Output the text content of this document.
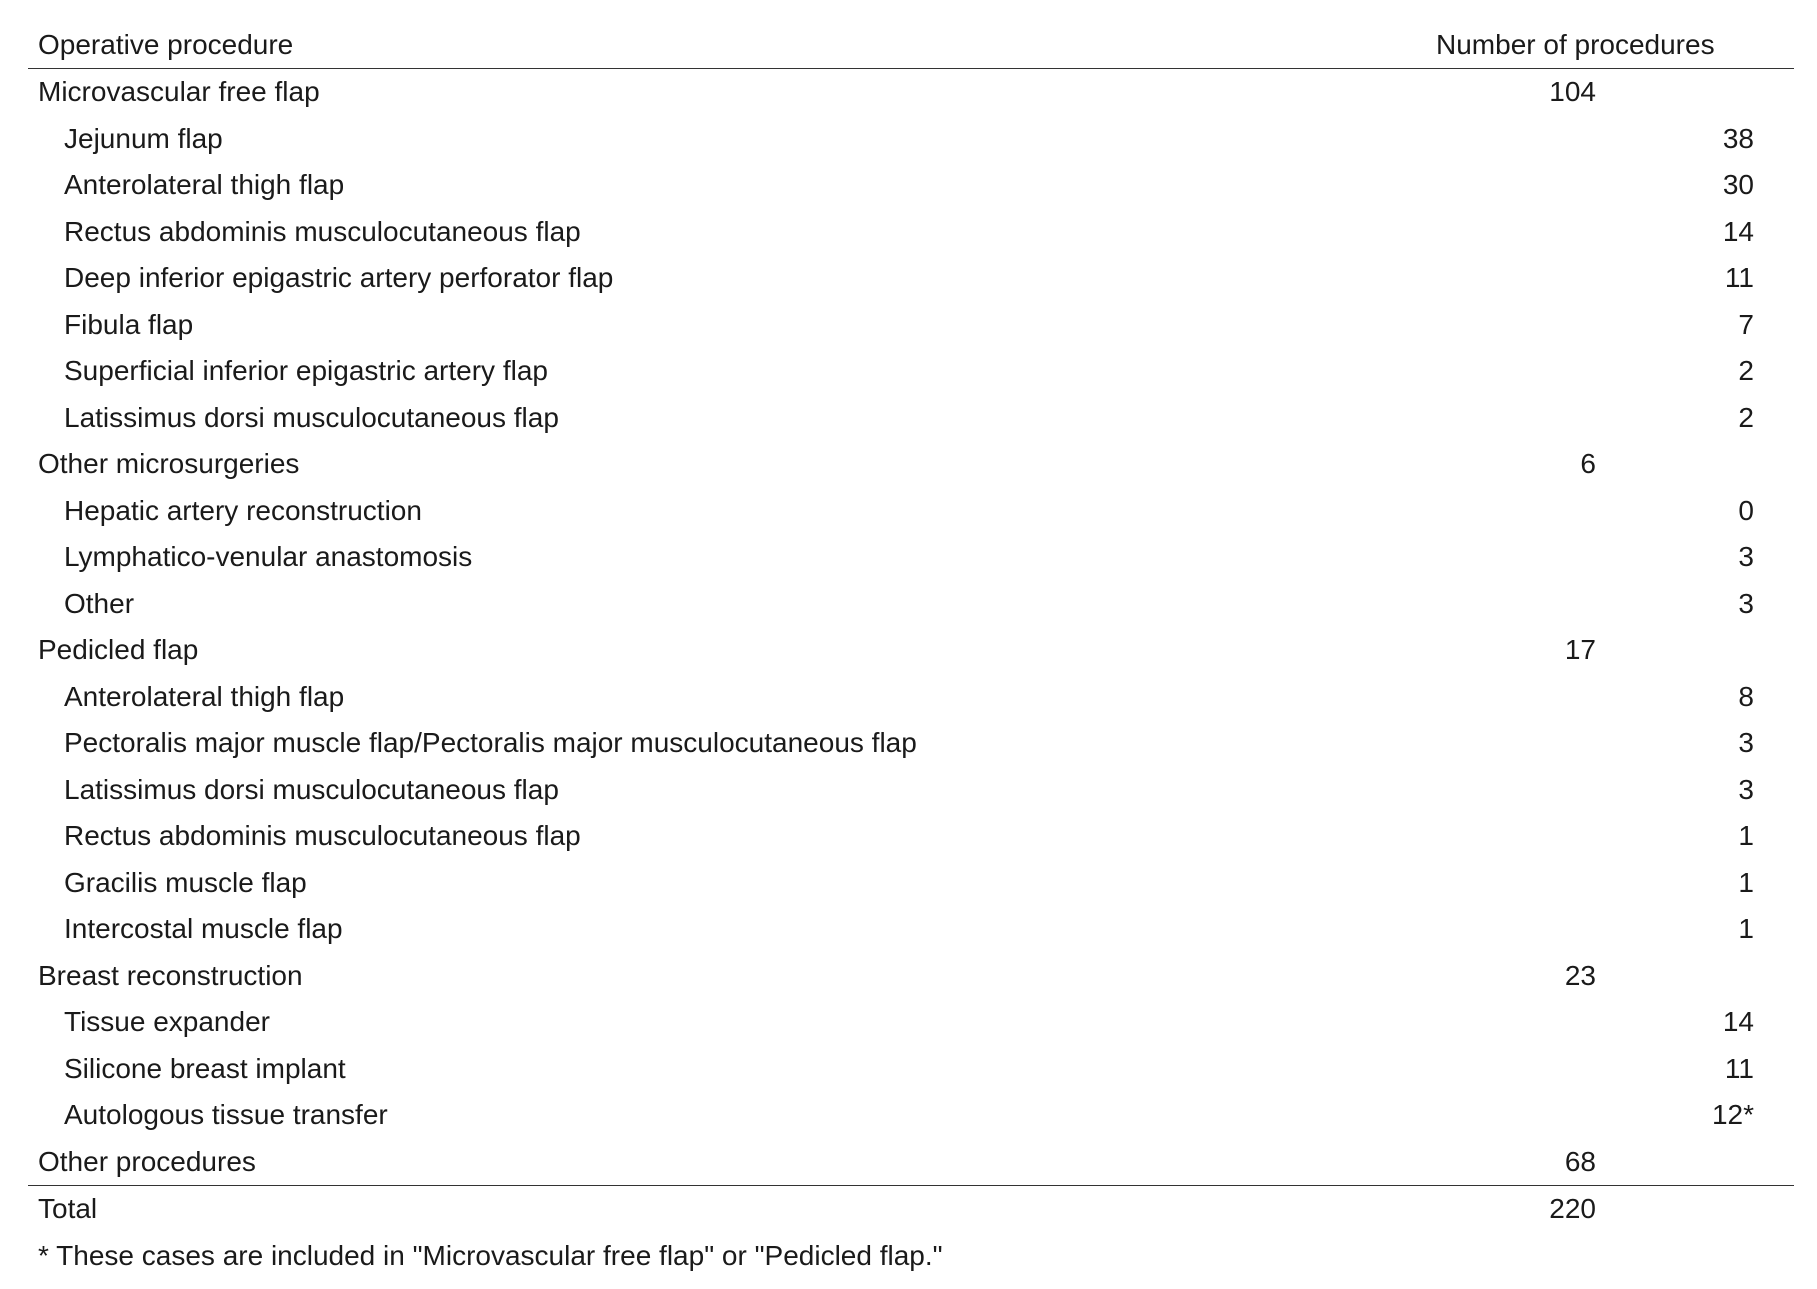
Operative procedure	Number of procedures
Microvascular free flap	104
Jejunum flap	38
Anterolateral thigh flap	30
Rectus abdominis musculocutaneous flap	14
Deep inferior epigastric artery perforator flap	11
Fibula flap	7
Superficial inferior epigastric artery flap	2
Latissimus dorsi musculocutaneous flap	2
Other microsurgeries	6
Hepatic artery reconstruction	0
Lymphatico-venular anastomosis	3
Other	3
Pedicled flap	17
Anterolateral thigh flap	8
Pectoralis major muscle flap/Pectoralis major musculocutaneous flap	3
Latissimus dorsi musculocutaneous flap	3
Rectus abdominis musculocutaneous flap	1
Gracilis muscle flap	1
Intercostal muscle flap	1
Breast reconstruction	23
Tissue expander	14
Silicone breast implant	11
Autologous tissue transfer	12*
Other procedures	68
Total	220
* These cases are included in "Microvascular free flap" or "Pedicled flap."
